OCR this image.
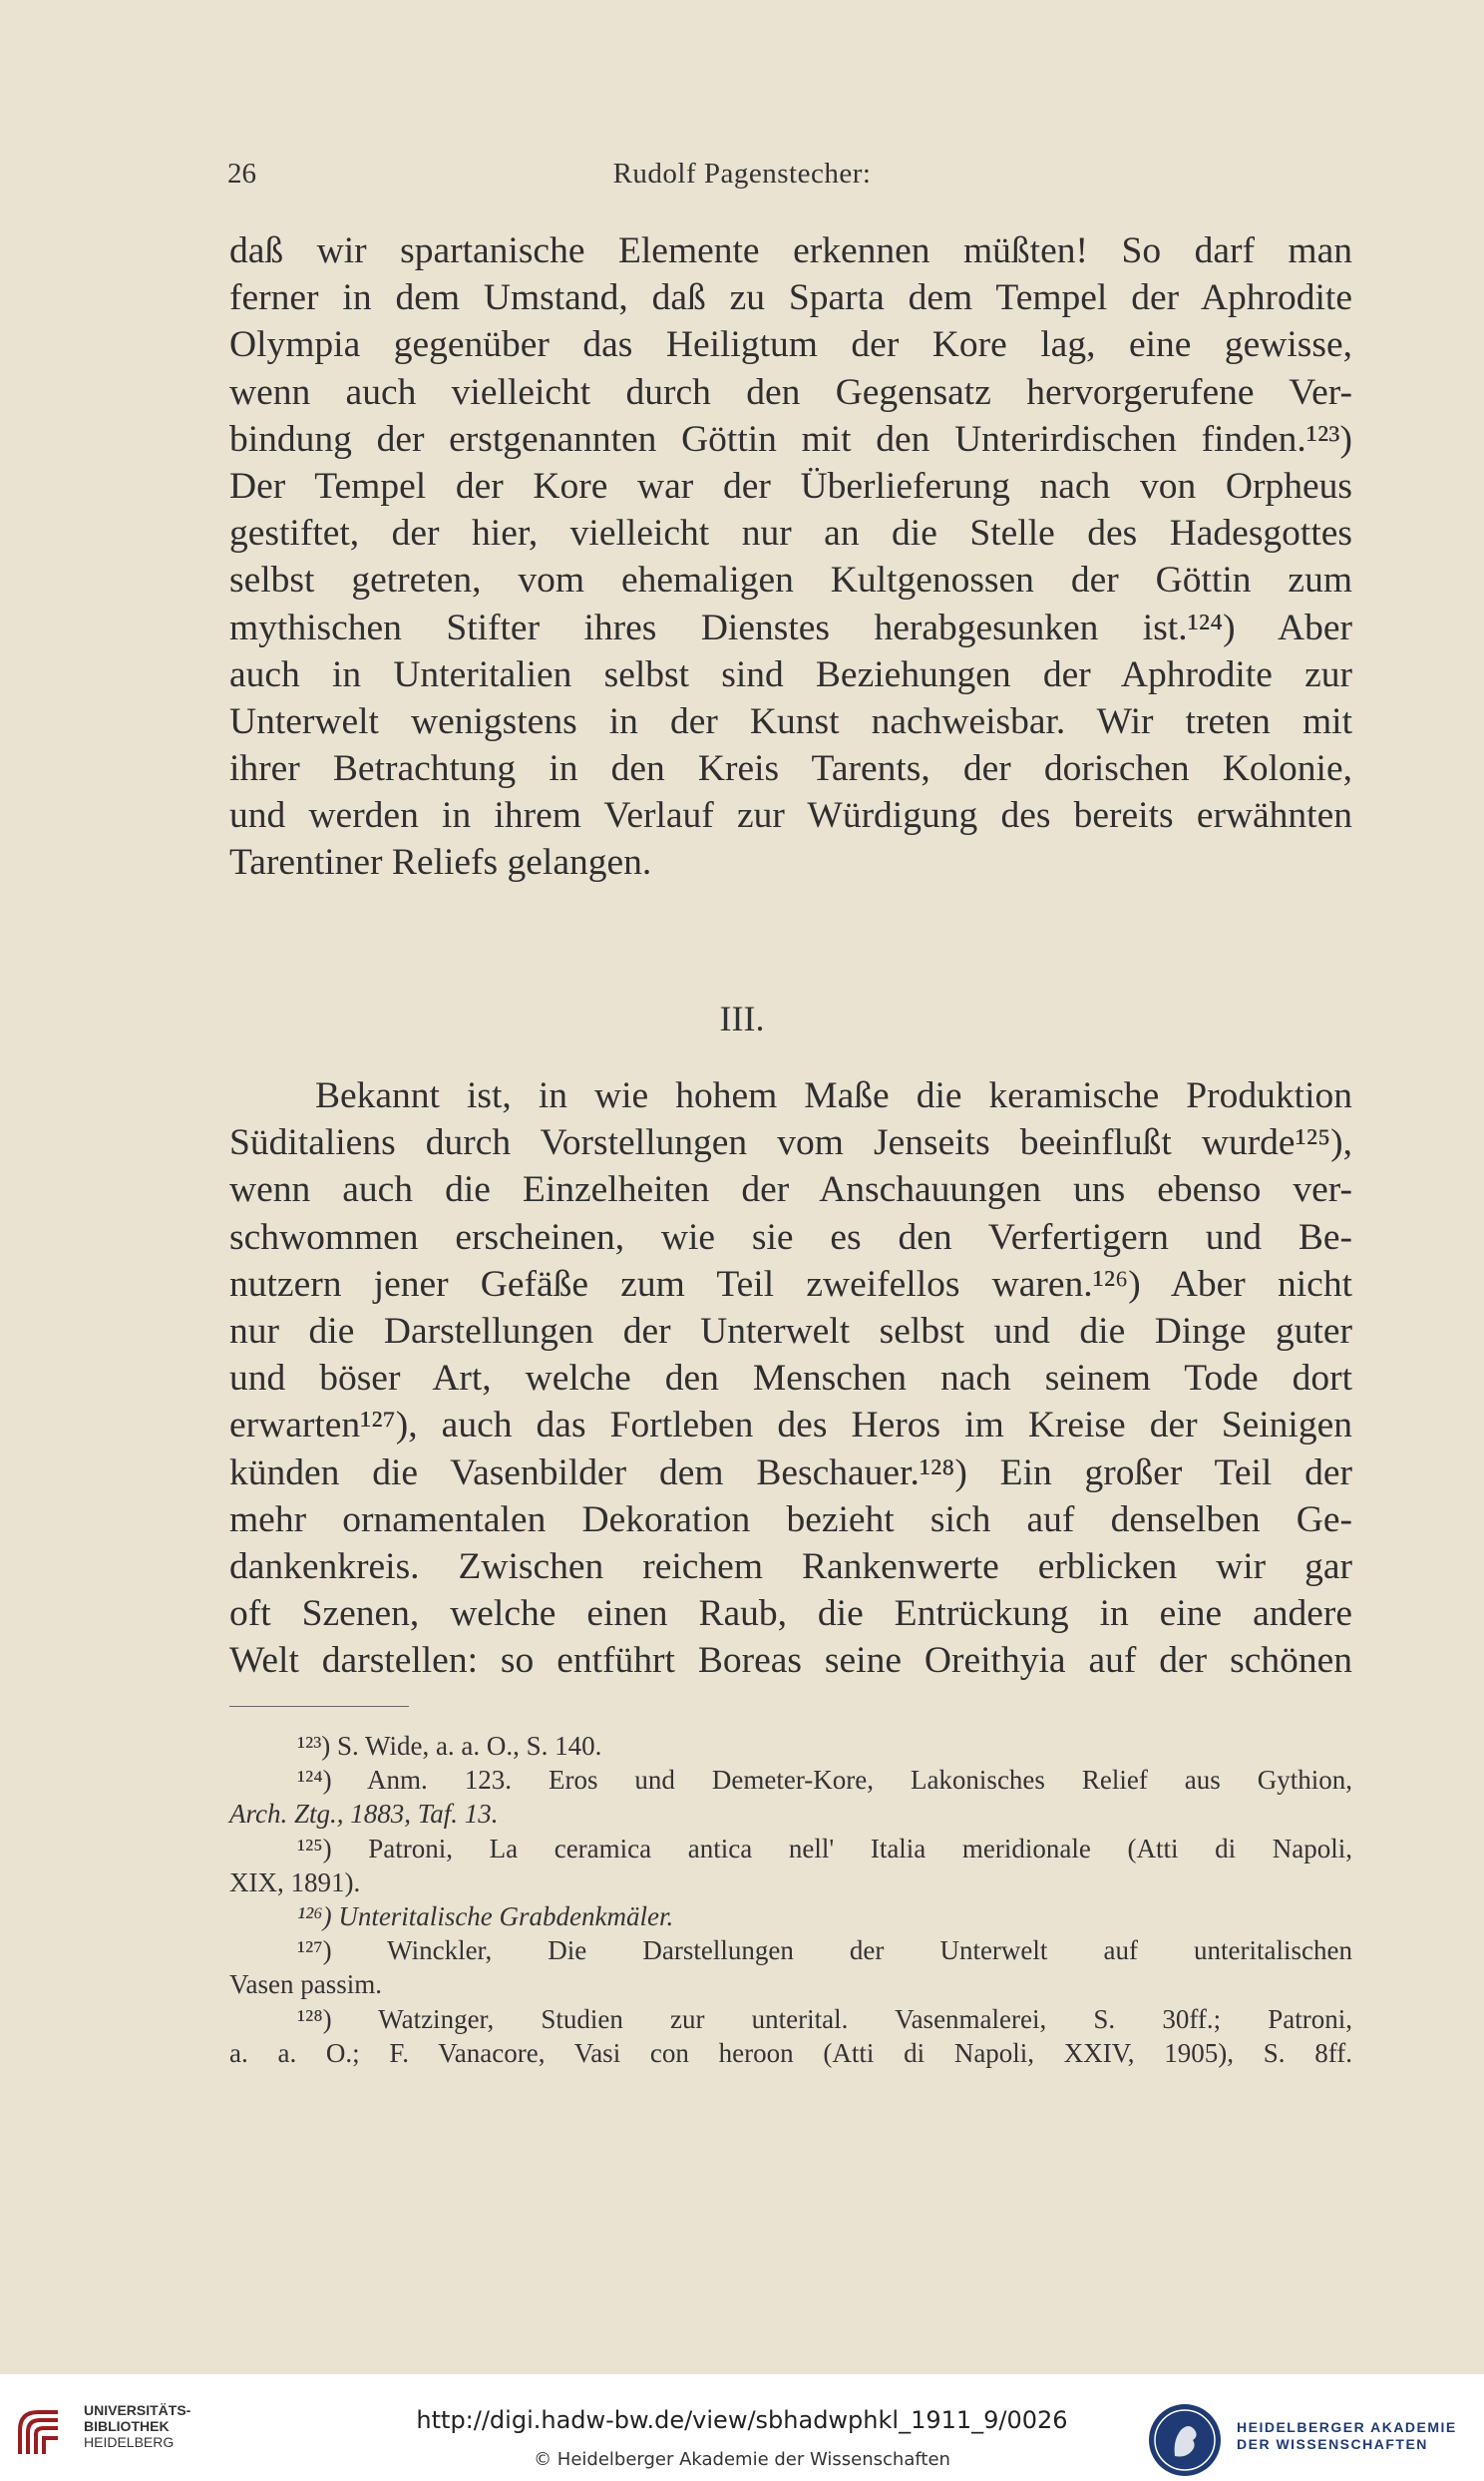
26	Rudolf Pagenstecher:
daß wir spartanische Elemente erkennen müßten! So darf man
ferner in dem Umstand, daß zu Sparta dem Tempel der Aphrodite
Olympia gegenüber das Heiligtum der Kore lag, eine gewisse,
wenn auch vielleicht durch den Gegensatz hervorgerufene Ver-
bindung der erstgenannten Göttin mit den Unterirdischen finden.¹²³)
Der Tempel der Kore war der Überlieferung nach von Orpheus
gestiftet, der hier, vielleicht nur an die Stelle des Hadesgottes
selbst getreten, vom ehemaligen Kultgenossen der Göttin zum
mythischen Stifter ihres Dienstes herabgesunken ist.¹²⁴) Aber
auch in Unteritalien selbst sind Beziehungen der Aphrodite zur
Unterwelt wenigstens in der Kunst nachweisbar. Wir treten mit
ihrer Betrachtung in den Kreis Tarents, der dorischen Kolonie,
und werden in ihrem Verlauf zur Würdigung des bereits erwähnten
Tarentiner Reliefs gelangen.
III.
Bekannt ist, in wie hohem Maße die keramische Produktion
Süditaliens durch Vorstellungen vom Jenseits beeinflußt wurde¹²⁵),
wenn auch die Einzelheiten der Anschauungen uns ebenso ver-
schwommen erscheinen, wie sie es den Verfertigern und Be-
nutzern jener Gefäße zum Teil zweifellos waren.¹²⁶) Aber nicht
nur die Darstellungen der Unterwelt selbst und die Dinge guter
und böser Art, welche den Menschen nach seinem Tode dort
erwarten¹²⁷), auch das Fortleben des Heros im Kreise der Seinigen
künden die Vasenbilder dem Beschauer.¹²⁸) Ein großer Teil der
mehr ornamentalen Dekoration bezieht sich auf denselben Ge-
dankenkreis. Zwischen reichem Rankenwerte erblicken wir gar
oft Szenen, welche einen Raub, die Entrückung in eine andere
Welt darstellen: so entführt Boreas seine Oreithyia auf der schönen
¹²³) S. Wide, a. a. O., S. 140.
¹²⁴) Anm. 123. Eros und Demeter-Kore, Lakonisches Relief aus Gythion,
Arch. Ztg., 1883, Taf. 13.
¹²⁵) Patroni, La ceramica antica nell' Italia meridionale (Atti di Napoli,
XIX, 1891).
¹²⁶) Unteritalische Grabdenkmäler.
¹²⁷) Winckler, Die Darstellungen der Unterwelt auf unteritalischen
Vasen passim.
¹²⁸) Watzinger, Studien zur unterital. Vasenmalerei, S. 30ff.; Patroni,
a. a. O.; F. Vanacore, Vasi con heroon (Atti di Napoli, XXIV, 1905), S. 8ff.
UNIVERSITÄTS-
BIBLIOTHEK
HEIDELBERG
http://digi.hadw-bw.de/view/sbhadwphkl_1911_9/0026
© Heidelberger Akademie der Wissenschaften
HEIDELBERGER AKADEMIE
DER WISSENSCHAFTEN
